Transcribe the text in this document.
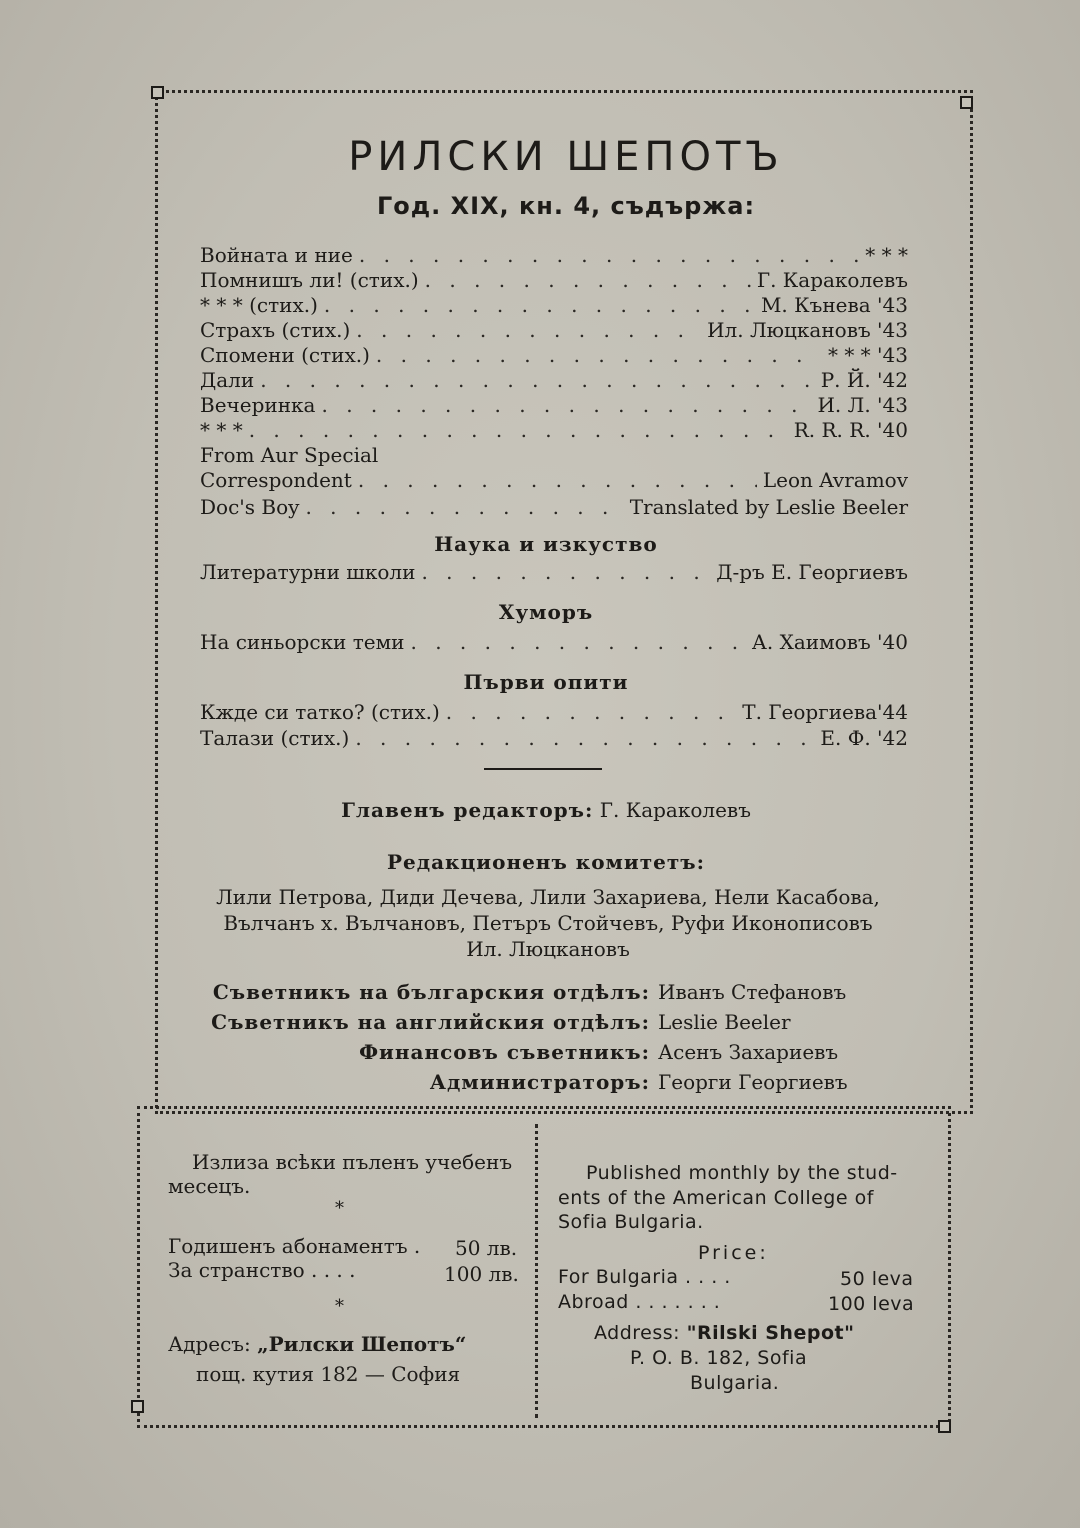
РИЛСКИ ШЕПОТЪ
Год. XIX, кн. 4, съдържа:
Войната и ние . . .	* * *
Помнишъ ли! (стих.) . . .	Г. Караколевъ
* * * (стих.) . . .	М. Кънева '43
Страхъ (стих.) . . .	Ил. Люцкановъ '43
Спомени (стих.) . . .	* * * '43
Дали . . .	Р. Й. '42
Вечеринка . . .	И. Л. '43
* * * . . .	R. R. R. '40
From Aur Special
Correspondent . . .	Leon Avramov
Doc's Boy . . .	Translated by Leslie Beeler
Наука и изкуство
Литературни школи . . .	Д-ръ Е. Георгиевъ
Хуморъ
На синьорски теми . . .	А. Хаимовъ '40
Първи опити
Кжде си татко? (стих.) . . .	Т. Георгиева'44
Талази (стих.) . . .	Е. Ф. '42
Главенъ редакторъ: Г. Караколевъ
Редакционенъ комитетъ:
Лили Петрова, Диди Дечева, Лили Захариева, Нели Касабова,
Вълчанъ х. Вълчановъ, Петъръ Стойчевъ, Руфи Иконописовъ
Ил. Люцкановъ
Съветникъ на българския отдѣлъ: Иванъ Стефановъ
Съветникъ на английския отдѣлъ: Leslie Beeler
Финансовъ съветникъ: Асенъ Захариевъ
Администраторъ: Георги Георгиевъ
Излиза всѣки пъленъ учебенъ
месецъ.
*
Годишенъ абонаментъ . 50 лв.
За странство . . . .	100 лв.
*
Адресъ: „Рилски Шепотъ“
пощ. кутия 182 — София
Published monthly by the stud-
ents of the American College of
Sofia Bulgaria.
Price:
For Bulgaria . . . .	50 leva
Abroad . . . . . . .	100 leva
Address: "Rilski Shepot"
P. O. B. 182, Sofia
Bulgaria.
